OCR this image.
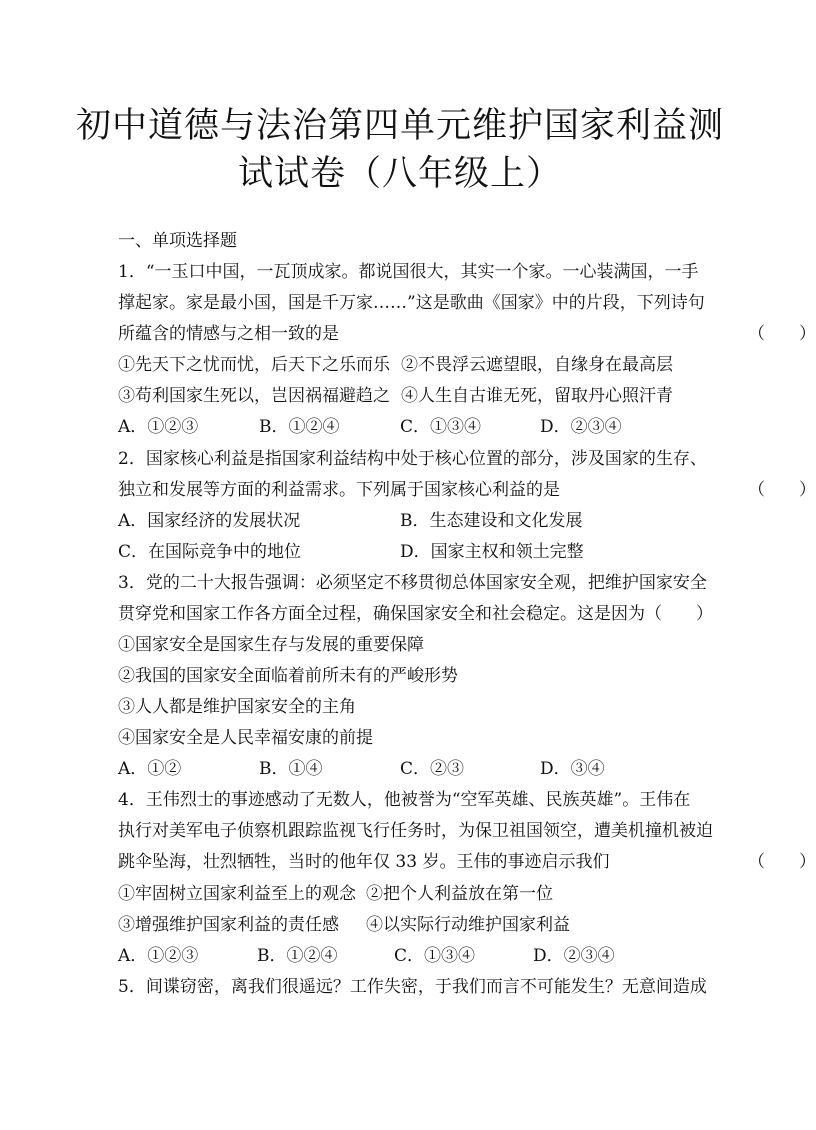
初中道德与法治第四单元维护国家利益测
试试卷（八年级上）
一、单项选择题
1．“一玉口中国，一瓦顶成家。都说国很大，其实一个家。一心装满国，一手
撑起家。家是最小国，国是千万家……”这是歌曲《国家》中的片段，下列诗句
所蕴含的情感与之相一致的是	（　　）
①先天下之忧而忧，后天下之乐而乐 ②不畏浮云遮望眼，自缘身在最高层
③苟利国家生死以，岂因祸福避趋之 ④人生自古谁无死，留取丹心照汗青
A．①②③	B．①②④	C．①③④	D．②③④
2．国家核心利益是指国家利益结构中处于核心位置的部分，涉及国家的生存、
独立和发展等方面的利益需求。下列属于国家核心利益的是	（　　）
A．国家经济的发展状况	B．生态建设和文化发展
C．在国际竞争中的地位	D．国家主权和领土完整
3．党的二十大报告强调：必须坚定不移贯彻总体国家安全观，把维护国家安全
贯穿党和国家工作各方面全过程，确保国家安全和社会稳定。这是因为（　　）
①国家安全是国家生存与发展的重要保障
②我国的国家安全面临着前所未有的严峻形势
③人人都是维护国家安全的主角
④国家安全是人民幸福安康的前提
A．①②	B．①④	C．②③	D．③④
4．王伟烈士的事迹感动了无数人，他被誉为“空军英雄、民族英雄”。王伟在
执行对美军电子侦察机跟踪监视飞行任务时，为保卫祖国领空，遭美机撞机被迫
跳伞坠海，壮烈牺牲，当时的他年仅 33 岁。王伟的事迹启示我们	（　　）
①牢固树立国家利益至上的观念 ②把个人利益放在第一位
③增强维护国家利益的责任感 ④以实际行动维护国家利益
A．①②③	B．①②④	C．①③④	D．②③④
5．间谍窃密，离我们很遥远？工作失密，于我们而言不可能发生？无意间造成
